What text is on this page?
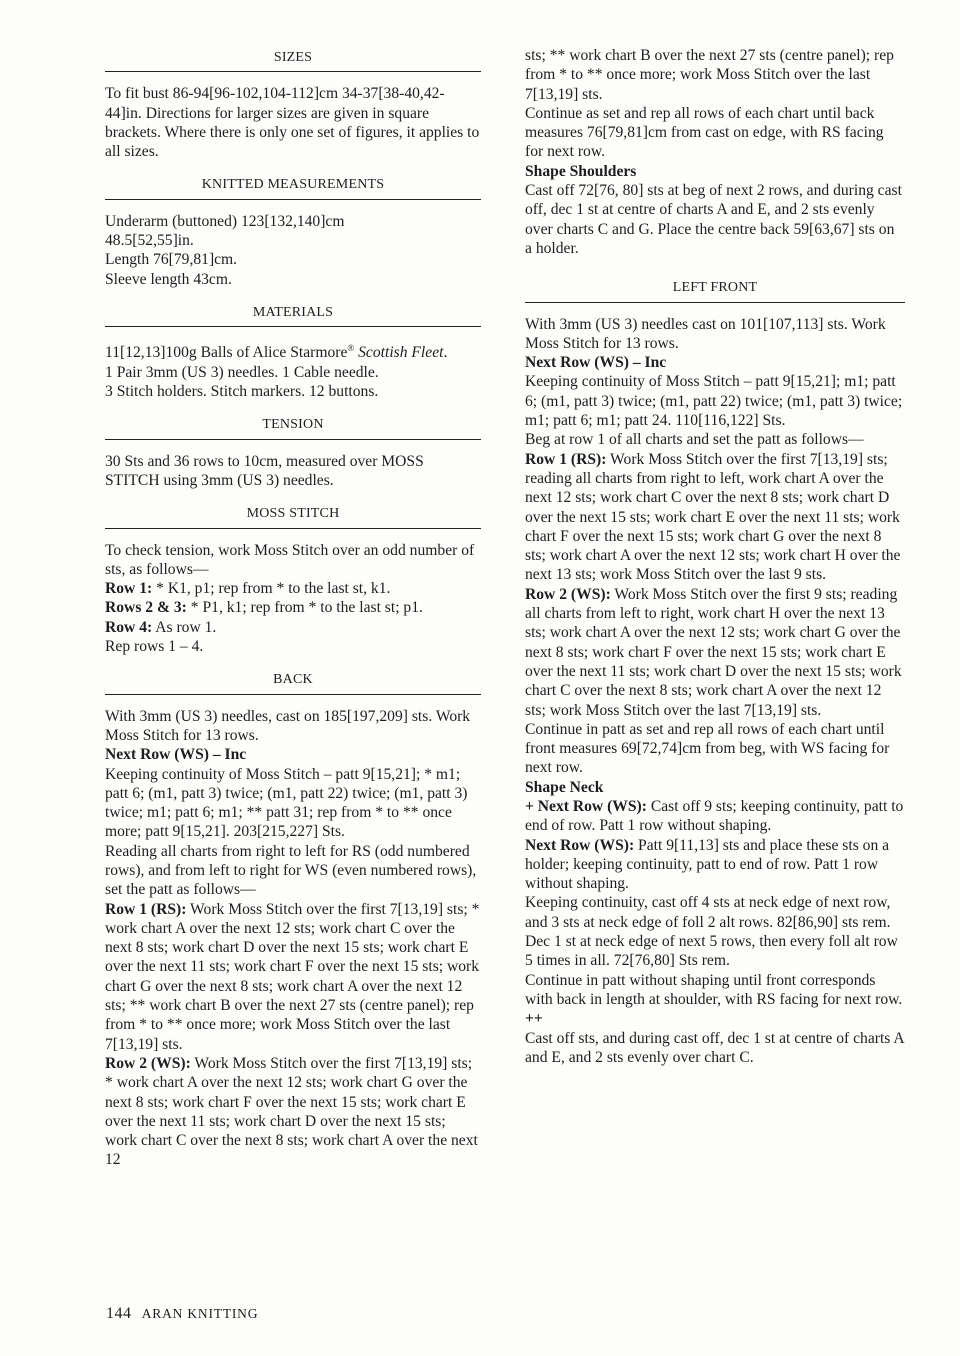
SIZES

To fit bust 86-94[96-102,104-112]cm 34-37[38-40,42-44]in. Directions for larger sizes are given in square brackets. Where there is only one set of figures, it applies to all sizes.

KNITTED MEASUREMENTS

Underarm (buttoned) 123[132,140]cm

48.5[52,55]in.

Length 76[79,81]cm.

Sleeve length 43cm.

MATERIALS

11[12,13]100g Balls of Alice Starmore® Scottish Fleet.

1 Pair 3mm (US 3) needles. 1 Cable needle.

3 Stitch holders. Stitch markers. 12 buttons.

TENSION

30 Sts and 36 rows to 10cm, measured over MOSS STITCH using 3mm (US 3) needles.

MOSS STITCH

To check tension, work Moss Stitch over an odd number of sts, as follows—

Row 1: * K1, p1; rep from * to the last st, k1.

Rows 2 & 3: * P1, k1; rep from * to the last st; p1.

Row 4: As row 1.

Rep rows 1 – 4.

BACK

With 3mm (US 3) needles, cast on 185[197,209] sts. Work Moss Stitch for 13 rows.

Next Row (WS) – Inc

Keeping continuity of Moss Stitch – patt 9[15,21]; * m1; patt 6; (m1, patt 3) twice; (m1, patt 22) twice; (m1, patt 3) twice; m1; patt 6; m1; ** patt 31; rep from * to ** once more; patt 9[15,21]. 203[215,227] Sts.

Reading all charts from right to left for RS (odd numbered rows), and from left to right for WS (even numbered rows), set the patt as follows—

Row 1 (RS): Work Moss Stitch over the first 7[13,19] sts; * work chart A over the next 12 sts; work chart C over the next 8 sts; work chart D over the next 15 sts; work chart E over the next 11 sts; work chart F over the next 15 sts; work chart G over the next 8 sts; work chart A over the next 12 sts; ** work chart B over the next 27 sts (centre panel); rep from * to ** once more; work Moss Stitch over the last 7[13,19] sts.

Row 2 (WS): Work Moss Stitch over the first 7[13,19] sts; * work chart A over the next 12 sts; work chart G over the next 8 sts; work chart F over the next 15 sts; work chart E over the next 11 sts; work chart D over the next 15 sts; work chart C over the next 8 sts; work chart A over the next 12

sts; ** work chart B over the next 27 sts (centre panel); rep from * to ** once more; work Moss Stitch over the last 7[13,19] sts.

Continue as set and rep all rows of each chart until back measures 76[79,81]cm from cast on edge, with RS facing for next row.

Shape Shoulders

Cast off 72[76, 80] sts at beg of next 2 rows, and during cast off, dec 1 st at centre of charts A and E, and 2 sts evenly over charts C and G. Place the centre back 59[63,67] sts on a holder.

LEFT FRONT

With 3mm (US 3) needles cast on 101[107,113] sts. Work Moss Stitch for 13 rows.

Next Row (WS) – Inc

Keeping continuity of Moss Stitch – patt 9[15,21]; m1; patt 6; (m1, patt 3) twice; (m1, patt 22) twice; (m1, patt 3) twice; m1; patt 6; m1; patt 24. 110[116,122] Sts.

Beg at row 1 of all charts and set the patt as follows—

Row 1 (RS): Work Moss Stitch over the first 7[13,19] sts; reading all charts from right to left, work chart A over the next 12 sts; work chart C over the next 8 sts; work chart D over the next 15 sts; work chart E over the next 11 sts; work chart F over the next 15 sts; work chart G over the next 8 sts; work chart A over the next 12 sts; work chart H over the next 13 sts; work Moss Stitch over the last 9 sts.

Row 2 (WS): Work Moss Stitch over the first 9 sts; reading all charts from left to right, work chart H over the next 13 sts; work chart A over the next 12 sts; work chart G over the next 8 sts; work chart F over the next 15 sts; work chart E over the next 11 sts; work chart D over the next 15 sts; work chart C over the next 8 sts; work chart A over the next 12 sts; work Moss Stitch over the last 7[13,19] sts.

Continue in patt as set and rep all rows of each chart until front measures 69[72,74]cm from beg, with WS facing for next row.

Shape Neck

+ Next Row (WS): Cast off 9 sts; keeping continuity, patt to end of row. Patt 1 row without shaping.

Next Row (WS): Patt 9[11,13] sts and place these sts on a holder; keeping continuity, patt to end of row. Patt 1 row without shaping.

Keeping continuity, cast off 4 sts at neck edge of next row, and 3 sts at neck edge of foll 2 alt rows. 82[86,90] sts rem. Dec 1 st at neck edge of next 5 rows, then every foll alt row 5 times in all. 72[76,80] Sts rem.

Continue in patt without shaping until front corresponds with back in length at shoulder, with RS facing for next row. ++

Cast off sts, and during cast off, dec 1 st at centre of charts A and E, and 2 sts evenly over chart C.

144 ARAN KNITTING
